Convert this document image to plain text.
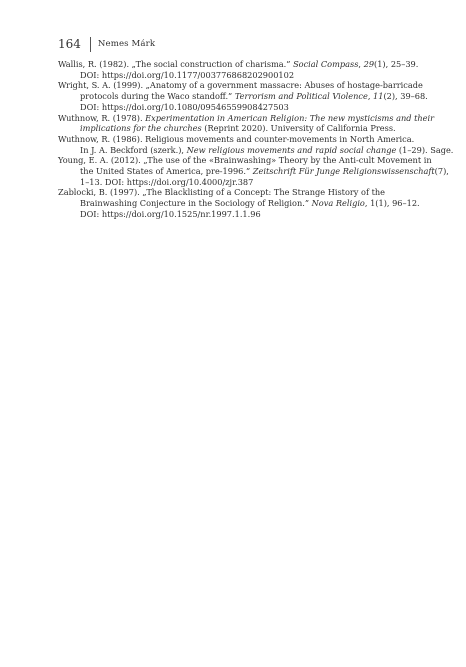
164 Nemes Márk
Wallis, R. (1982). „The social construction of charisma.” Social Compass, 29(1), 25–39.
DOI: https://doi.org/10.1177/003776868202900102
Wright, S. A. (1999). „Anatomy of a government massacre: Abuses of hostage-barricade
protocols during the Waco standoff.” Terrorism and Political Violence, 11(2), 39–68.
DOI: https://doi.org/10.1080/09546559908427503
Wuthnow, R. (1978). Experimentation in American Religion: The new mysticisms and their
implications for the churches (Reprint 2020). University of California Press.
Wuthnow, R. (1986). Religious movements and counter-movements in North America.
In J. A. Beckford (szerk.), New religious movements and rapid social change (1–29). Sage.
Young, E. A. (2012). „The use of the «Brainwashing» Theory by the Anti-cult Movement in
the United States of America, pre-1996.” Zeitschrift Für Junge Religionswissenschaft(7),
1–13. DOI: https://doi.org/10.4000/zjr.387
Zablocki, B. (1997). „The Blacklisting of a Concept: The Strange History of the
Brainwashing Conjecture in the Sociology of Religion.” Nova Religio, 1(1), 96–12.
DOI: https://doi.org/10.1525/nr.1997.1.1.96
